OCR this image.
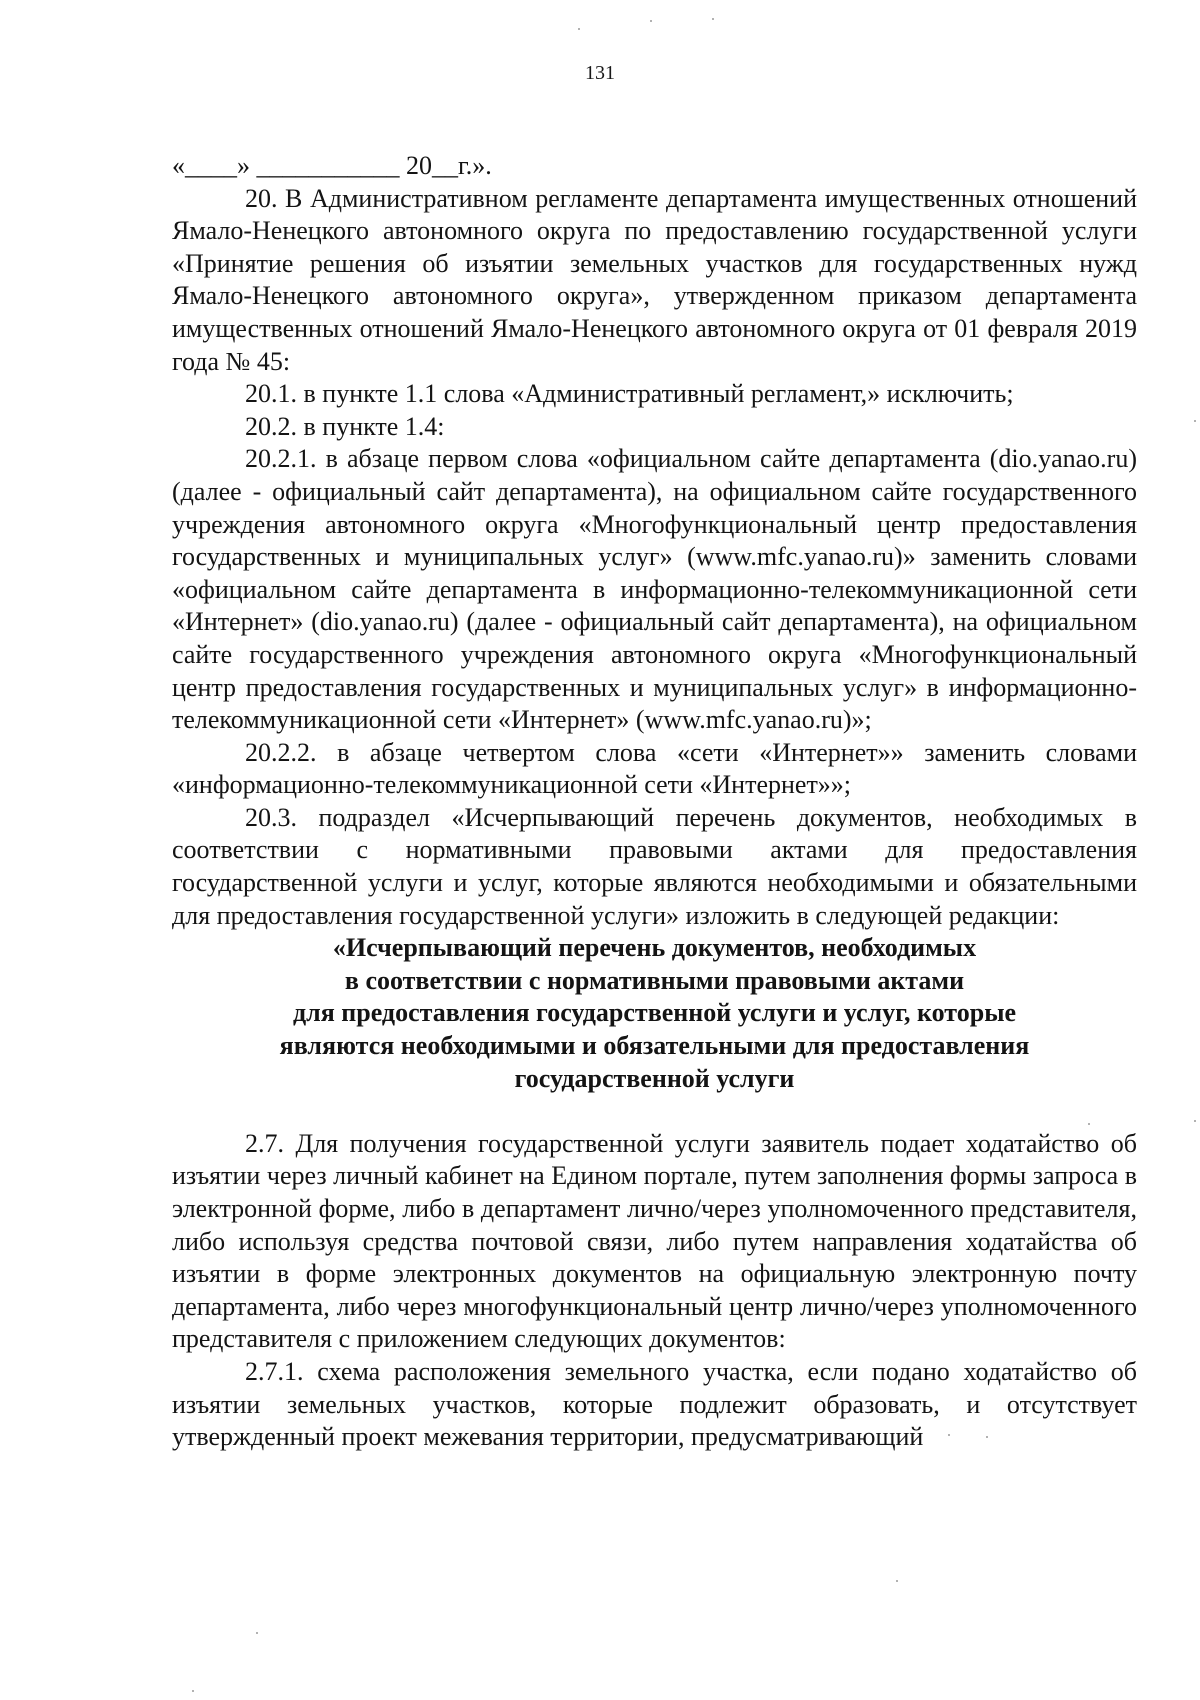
131

«____» ___________ 20__г.».

20. В Административном регламенте департамента имущественных отношений Ямало-Ненецкого автономного округа по предоставлению государственной услуги «Принятие решения об изъятии земельных участков для государственных нужд Ямало-Ненецкого автономного округа», утвержденном приказом департамента имущественных отношений Ямало-Ненецкого автономного округа от 01 февраля 2019 года № 45:

20.1. в пункте 1.1 слова «Административный регламент,» исключить;

20.2. в пункте 1.4:

20.2.1. в абзаце первом слова «официальном сайте департамента (dio.yanao.ru) (далее - официальный сайт департамента), на официальном сайте государственного учреждения автономного округа «Многофункциональный центр предоставления государственных и муниципальных услуг» (www.mfc.yanao.ru)» заменить словами «официальном сайте департамента в информационно-телекоммуникационной сети «Интернет» (dio.yanao.ru) (далее - официальный сайт департамента), на официальном сайте государственного учреждения автономного округа «Многофункциональный центр предоставления государственных и муниципальных услуг» в информационно-телекоммуникационной сети «Интернет» (www.mfc.yanao.ru)»;

20.2.2. в абзаце четвертом слова «сети «Интернет»» заменить словами «информационно-телекоммуникационной сети «Интернет»»;

20.3. подраздел «Исчерпывающий перечень документов, необходимых в соответствии с нормативными правовыми актами для предоставления государственной услуги и услуг, которые являются необходимыми и обязательными для предоставления государственной услуги» изложить в следующей редакции:

«Исчерпывающий перечень документов, необходимых
в соответствии с нормативными правовыми актами
для предоставления государственной услуги и услуг, которые
являются необходимыми и обязательными для предоставления
государственной услуги

2.7. Для получения государственной услуги заявитель подает ходатайство об изъятии через личный кабинет на Едином портале, путем заполнения формы запроса в электронной форме, либо в департамент лично/через уполномоченного представителя, либо используя средства почтовой связи, либо путем направления ходатайства об изъятии в форме электронных документов на официальную электронную почту департамента, либо через многофункциональный центр лично/через уполномоченного представителя с приложением следующих документов:

2.7.1. схема расположения земельного участка, если подано ходатайство об изъятии земельных участков, которые подлежит образовать, и отсутствует утвержденный проект межевания территории, предусматривающий
